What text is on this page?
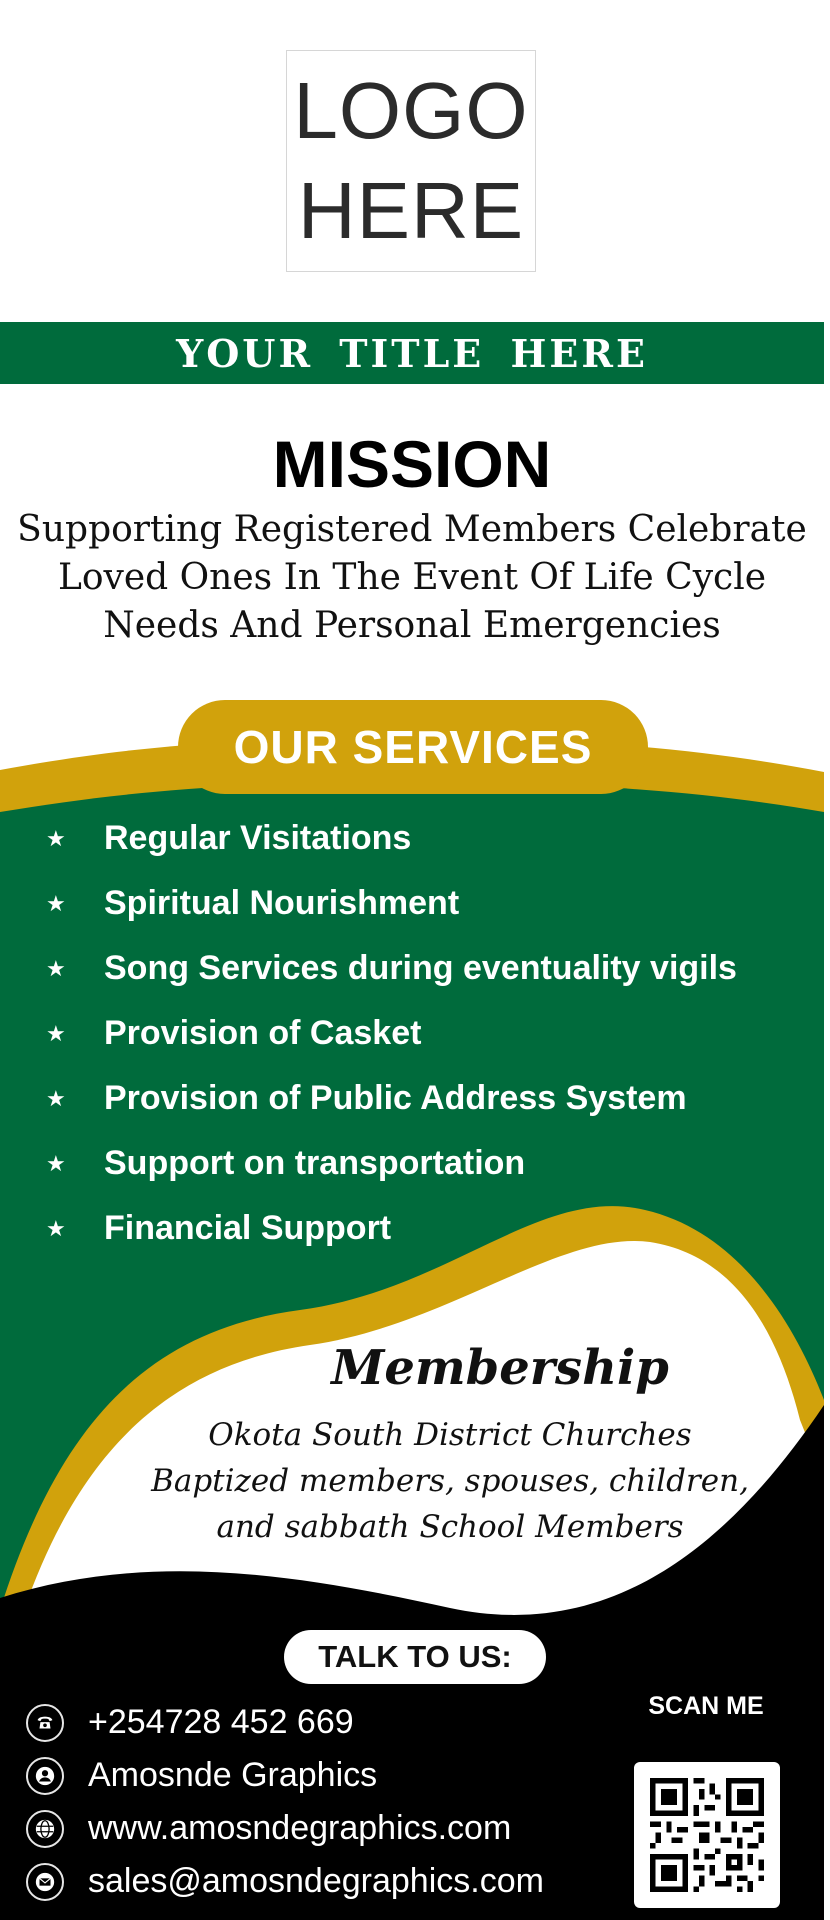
LOGO
HERE
YOUR TITLE HERE
MISSION
Supporting Registered Members Celebrate
Loved Ones In The Event Of Life Cycle
Needs And Personal Emergencies
OUR SERVICES
★	Regular Visitations
★	Spiritual Nourishment
★	Song Services during eventuality vigils
★	Provision of Casket
★	Provision of Public Address System
★	Support on transportation
★	Financial Support
Membership
Okota South District Churches
Baptized members, spouses, children,
and sabbath School Members
TALK TO US:
+254728 452 669
Amosnde Graphics
www.amosndegraphics.com
sales@amosndegraphics.com
SCAN ME
